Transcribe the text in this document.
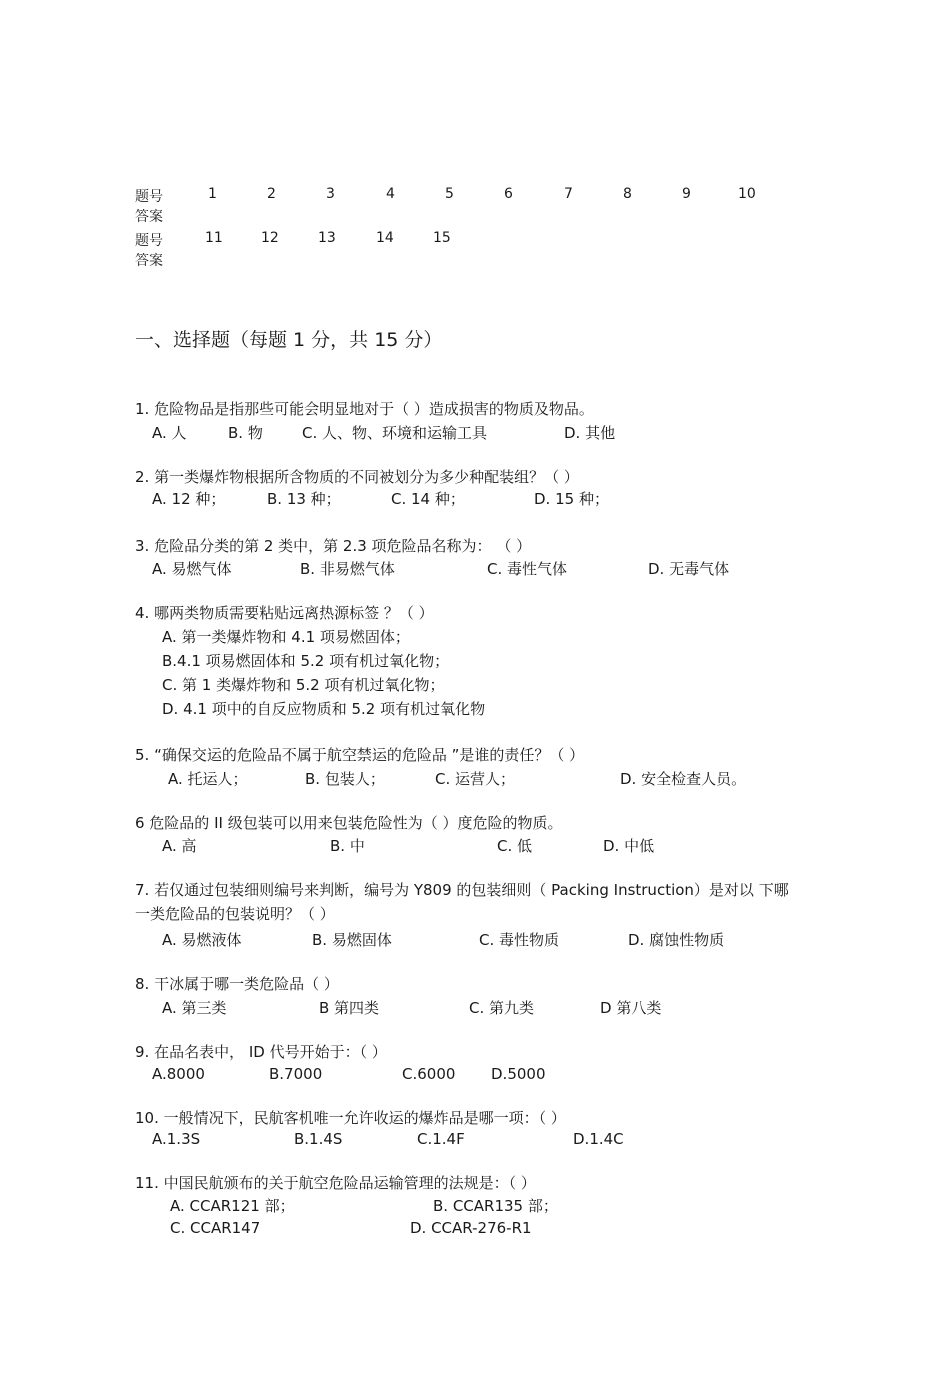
题号	1	2	3	4	5	6	7	8	9	10
答案
题号	11	12	13	14	15
答案
一、选择题（每题 1 分，共 15 分）
1. 危险物品是指那些可能会明显地对于（ ）造成损害的物质及物品。
A. 人	B. 物	C. 人、物、环境和运输工具	D. 其他
2. 第一类爆炸物根据所含物质的不同被划分为多少种配装组？（ ）
A. 12 种；	B. 13 种；	C. 14 种；	D. 15 种；
3. 危险品分类的第 2 类中，第 2.3 项危险品名称为： （ ）
A. 易燃气体	B. 非易燃气体	C. 毒性气体	D. 无毒气体
4. 哪两类物质需要粘贴远离热源标签 ？（ ）
A. 第一类爆炸物和 4.1 项易燃固体；
B.4.1 项易燃固体和 5.2 项有机过氧化物；
C. 第 1 类爆炸物和 5.2 项有机过氧化物；
D. 4.1 项中的自反应物质和 5.2 项有机过氧化物
5. “确保交运的危险品不属于航空禁运的危险品 ”是谁的责任？（ ）
A. 托运人；	B. 包装人；	C. 运营人；	D. 安全检查人员。
6 危险品的 II 级包装可以用来包装危险性为（ ）度危险的物质。
A. 高	B. 中	C. 低	D. 中低
7. 若仅通过包装细则编号来判断，编号为 Y809 的包装细则（ Packing Instruction）是对以 下哪
一类危险品的包装说明？（ ）
A. 易燃液体	B. 易燃固体	C. 毒性物质	D. 腐蚀性物质
8. 干冰属于哪一类危险品（ ）
A. 第三类	B 第四类	C. 第九类	D 第八类
9. 在品名表中， ID 代号开始于：（ ）
A.8000	B.7000	C.6000 D.5000
10. 一般情况下，民航客机唯一允许收运的爆炸品是哪一项：（ ）
A.1.3S	B.1.4S	C.1.4F	D.1.4C
11. 中国民航颁布的关于航空危险品运输管理的法规是：（ ）
A. CCAR121 部；	B. CCAR135 部；
C. CCAR147	D. CCAR-276-R1
